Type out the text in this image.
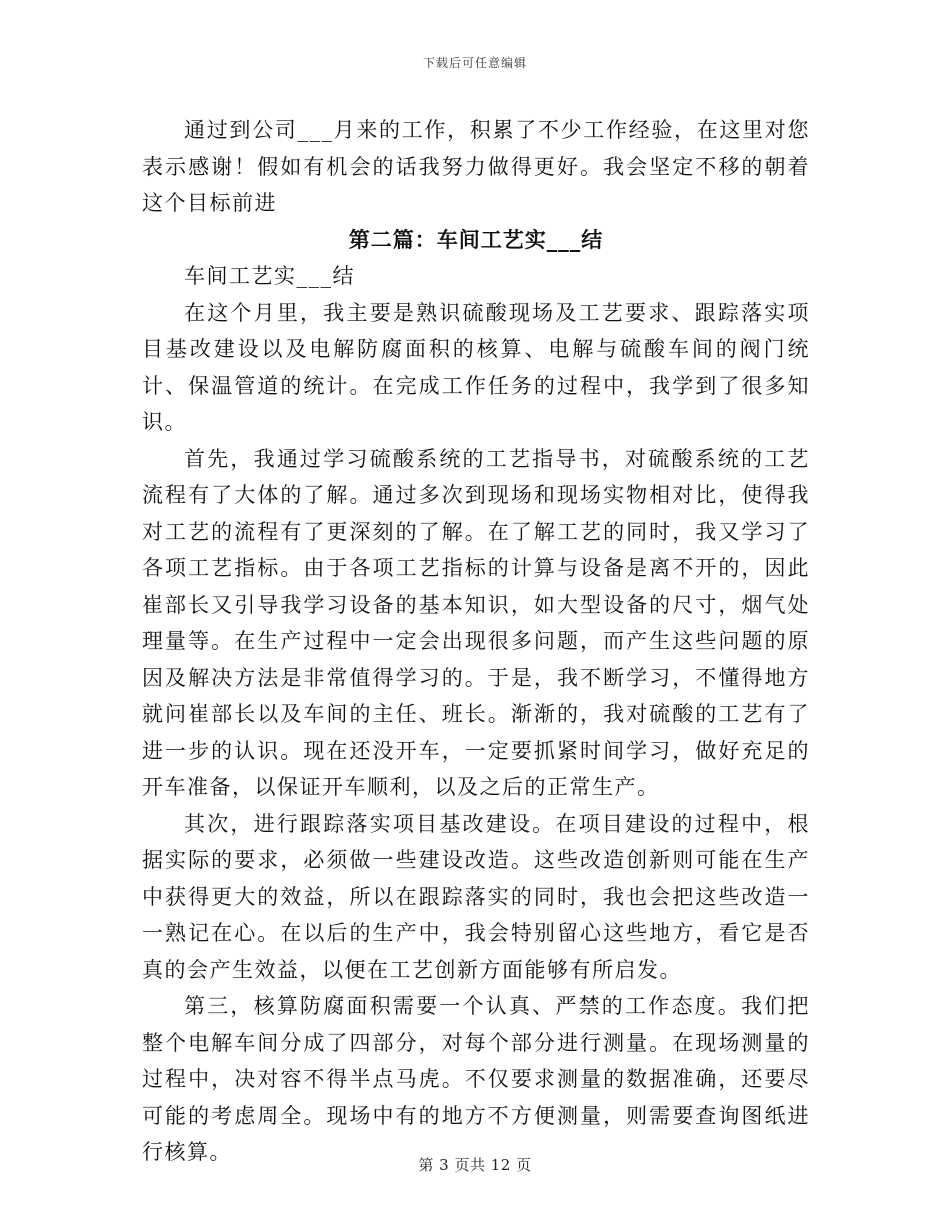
下载后可任意编辑

通过到公司___月来的工作，积累了不少工作经验，在这里对您表示感谢！假如有机会的话我努力做得更好。我会坚定不移的朝着这个目标前进

第二篇：车间工艺实___结

车间工艺实___结

在这个月里，我主要是熟识硫酸现场及工艺要求、跟踪落实项目基改建设以及电解防腐面积的核算、电解与硫酸车间的阀门统计、保温管道的统计。在完成工作任务的过程中，我学到了很多知识。

首先，我通过学习硫酸系统的工艺指导书，对硫酸系统的工艺流程有了大体的了解。通过多次到现场和现场实物相对比，使得我对工艺的流程有了更深刻的了解。在了解工艺的同时，我又学习了各项工艺指标。由于各项工艺指标的计算与设备是离不开的，因此崔部长又引导我学习设备的基本知识，如大型设备的尺寸，烟气处理量等。在生产过程中一定会出现很多问题，而产生这些问题的原因及解决方法是非常值得学习的。于是，我不断学习，不懂得地方就问崔部长以及车间的主任、班长。渐渐的，我对硫酸的工艺有了进一步的认识。现在还没开车，一定要抓紧时间学习，做好充足的开车准备，以保证开车顺利，以及之后的正常生产。

其次，进行跟踪落实项目基改建设。在项目建设的过程中，根据实际的要求，必须做一些建设改造。这些改造创新则可能在生产中获得更大的效益，所以在跟踪落实的同时，我也会把这些改造一一熟记在心。在以后的生产中，我会特别留心这些地方，看它是否真的会产生效益，以便在工艺创新方面能够有所启发。

第三，核算防腐面积需要一个认真、严禁的工作态度。我们把整个电解车间分成了四部分，对每个部分进行测量。在现场测量的过程中，决对容不得半点马虎。不仅要求测量的数据准确，还要尽可能的考虑周全。现场中有的地方不方便测量，则需要查询图纸进行核算。

第 3 页共 12 页
